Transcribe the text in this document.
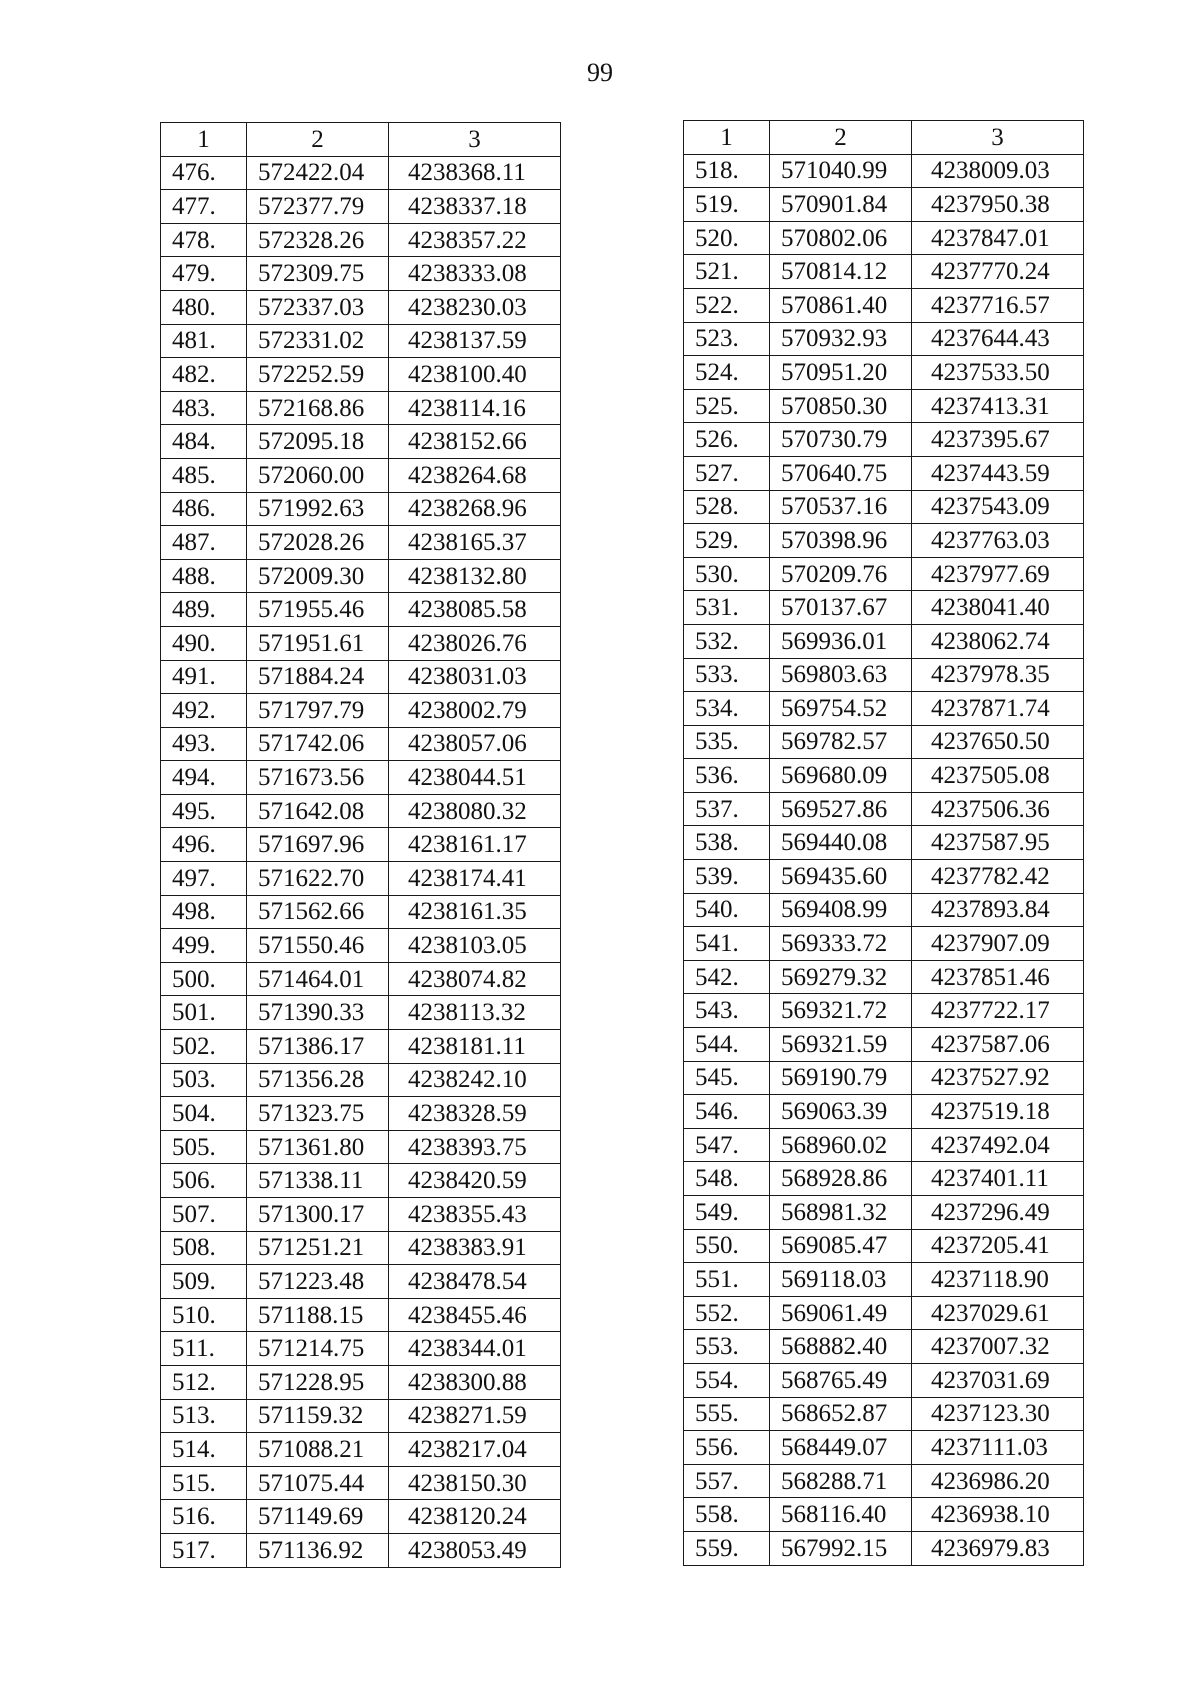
99
1	2	3
476.	572422.04	4238368.11
477.	572377.79	4238337.18
478.	572328.26	4238357.22
479.	572309.75	4238333.08
480.	572337.03	4238230.03
481.	572331.02	4238137.59
482.	572252.59	4238100.40
483.	572168.86	4238114.16
484.	572095.18	4238152.66
485.	572060.00	4238264.68
486.	571992.63	4238268.96
487.	572028.26	4238165.37
488.	572009.30	4238132.80
489.	571955.46	4238085.58
490.	571951.61	4238026.76
491.	571884.24	4238031.03
492.	571797.79	4238002.79
493.	571742.06	4238057.06
494.	571673.56	4238044.51
495.	571642.08	4238080.32
496.	571697.96	4238161.17
497.	571622.70	4238174.41
498.	571562.66	4238161.35
499.	571550.46	4238103.05
500.	571464.01	4238074.82
501.	571390.33	4238113.32
502.	571386.17	4238181.11
503.	571356.28	4238242.10
504.	571323.75	4238328.59
505.	571361.80	4238393.75
506.	571338.11	4238420.59
507.	571300.17	4238355.43
508.	571251.21	4238383.91
509.	571223.48	4238478.54
510.	571188.15	4238455.46
511.	571214.75	4238344.01
512.	571228.95	4238300.88
513.	571159.32	4238271.59
514.	571088.21	4238217.04
515.	571075.44	4238150.30
516.	571149.69	4238120.24
517.	571136.92	4238053.49
1	2	3
518.	571040.99	4238009.03
519.	570901.84	4237950.38
520.	570802.06	4237847.01
521.	570814.12	4237770.24
522.	570861.40	4237716.57
523.	570932.93	4237644.43
524.	570951.20	4237533.50
525.	570850.30	4237413.31
526.	570730.79	4237395.67
527.	570640.75	4237443.59
528.	570537.16	4237543.09
529.	570398.96	4237763.03
530.	570209.76	4237977.69
531.	570137.67	4238041.40
532.	569936.01	4238062.74
533.	569803.63	4237978.35
534.	569754.52	4237871.74
535.	569782.57	4237650.50
536.	569680.09	4237505.08
537.	569527.86	4237506.36
538.	569440.08	4237587.95
539.	569435.60	4237782.42
540.	569408.99	4237893.84
541.	569333.72	4237907.09
542.	569279.32	4237851.46
543.	569321.72	4237722.17
544.	569321.59	4237587.06
545.	569190.79	4237527.92
546.	569063.39	4237519.18
547.	568960.02	4237492.04
548.	568928.86	4237401.11
549.	568981.32	4237296.49
550.	569085.47	4237205.41
551.	569118.03	4237118.90
552.	569061.49	4237029.61
553.	568882.40	4237007.32
554.	568765.49	4237031.69
555.	568652.87	4237123.30
556.	568449.07	4237111.03
557.	568288.71	4236986.20
558.	568116.40	4236938.10
559.	567992.15	4236979.83
